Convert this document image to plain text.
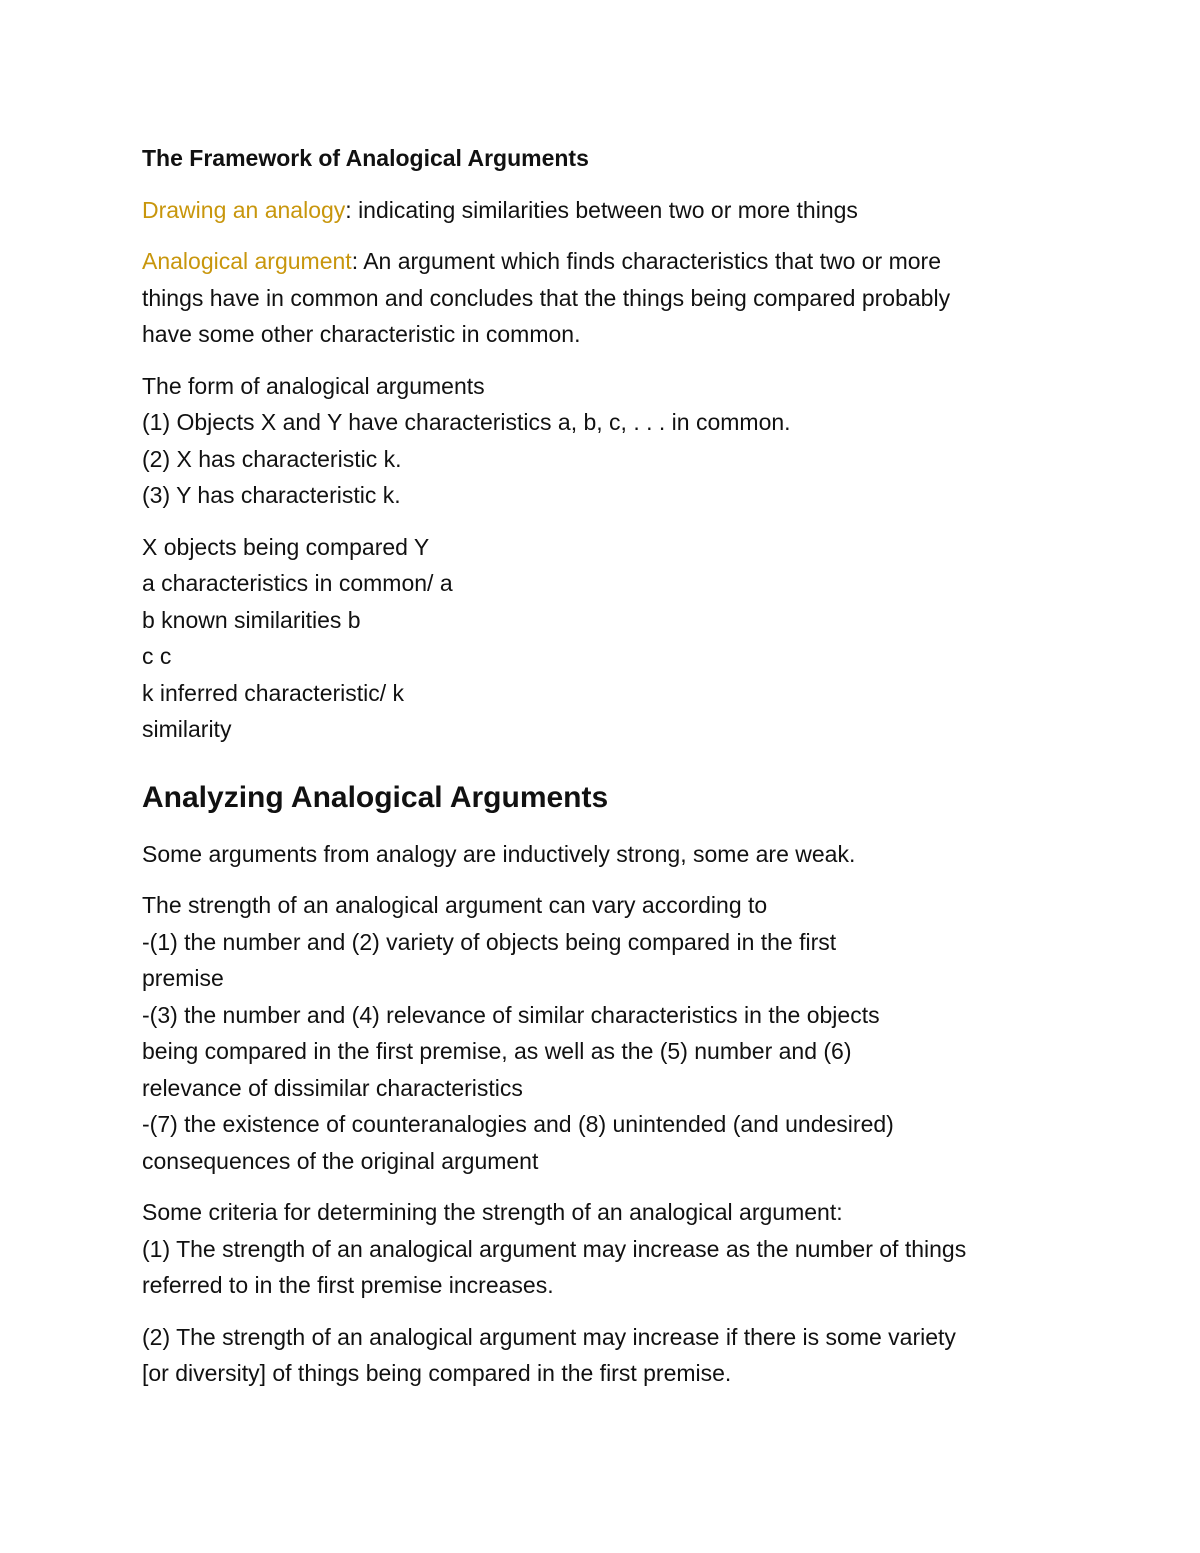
The Framework of Analogical Arguments
Drawing an analogy: indicating similarities between two or more things
Analogical argument: An argument which finds characteristics that two or more
things have in common and concludes that the things being compared probably
have some other characteristic in common.
The form of analogical arguments
(1) Objects X and Y have characteristics a, b, c, . . . in common.
(2) X has characteristic k.
(3) Y has characteristic k.
X objects being compared Y
a characteristics in common/ a
b known similarities b
c c
k inferred characteristic/ k
similarity
Analyzing Analogical Arguments
Some arguments from analogy are inductively strong, some are weak.
The strength of an analogical argument can vary according to
-(1) the number and (2) variety of objects being compared in the first
premise
-(3) the number and (4) relevance of similar characteristics in the objects
being compared in the first premise, as well as the (5) number and (6)
relevance of dissimilar characteristics
-(7) the existence of counteranalogies and (8) unintended (and undesired)
consequences of the original argument
Some criteria for determining the strength of an analogical argument:
(1) The strength of an analogical argument may increase as the number of things
referred to in the first premise increases.
(2) The strength of an analogical argument may increase if there is some variety
[or diversity] of things being compared in the first premise.
